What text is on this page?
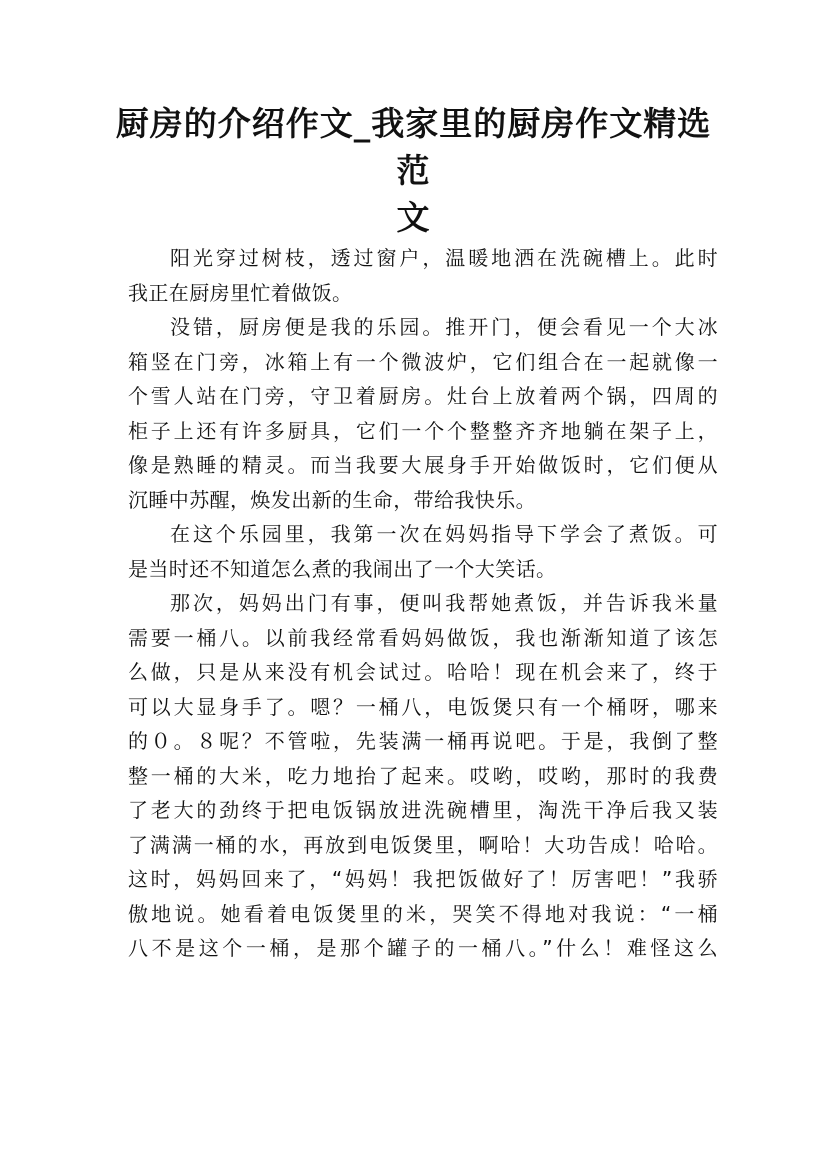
厨房的介绍作文_我家里的厨房作文精选范
文
阳光穿过树枝，透过窗户，温暖地洒在洗碗槽上。此时
我正在厨房里忙着做饭。
没错，厨房便是我的乐园。推开门，便会看见一个大冰
箱竖在门旁，冰箱上有一个微波炉，它们组合在一起就像一
个雪人站在门旁，守卫着厨房。灶台上放着两个锅，四周的
柜子上还有许多厨具，它们一个个整整齐齐地躺在架子上，
像是熟睡的精灵。而当我要大展身手开始做饭时，它们便从
沉睡中苏醒，焕发出新的生命，带给我快乐。
在这个乐园里，我第一次在妈妈指导下学会了煮饭。可
是当时还不知道怎么煮的我闹出了一个大笑话。
那次，妈妈出门有事，便叫我帮她煮饭，并告诉我米量
需要一桶八。以前我经常看妈妈做饭，我也渐渐知道了该怎
么做，只是从来没有机会试过。哈哈！现在机会来了，终于
可以大显身手了。嗯？一桶八，电饭煲只有一个桶呀，哪来
的０。８呢？不管啦，先装满一桶再说吧。于是，我倒了整
整一桶的大米，吃力地抬了起来。哎哟，哎哟，那时的我费
了老大的劲终于把电饭锅放进洗碗槽里，淘洗干净后我又装
了满满一桶的水，再放到电饭煲里，啊哈！大功告成！哈哈。
这时，妈妈回来了，“妈妈！我把饭做好了！厉害吧！”我骄
傲地说。她看着电饭煲里的米，哭笑不得地对我说：“一桶
八不是这个一桶，是那个罐子的一桶八。”什么！难怪这么
